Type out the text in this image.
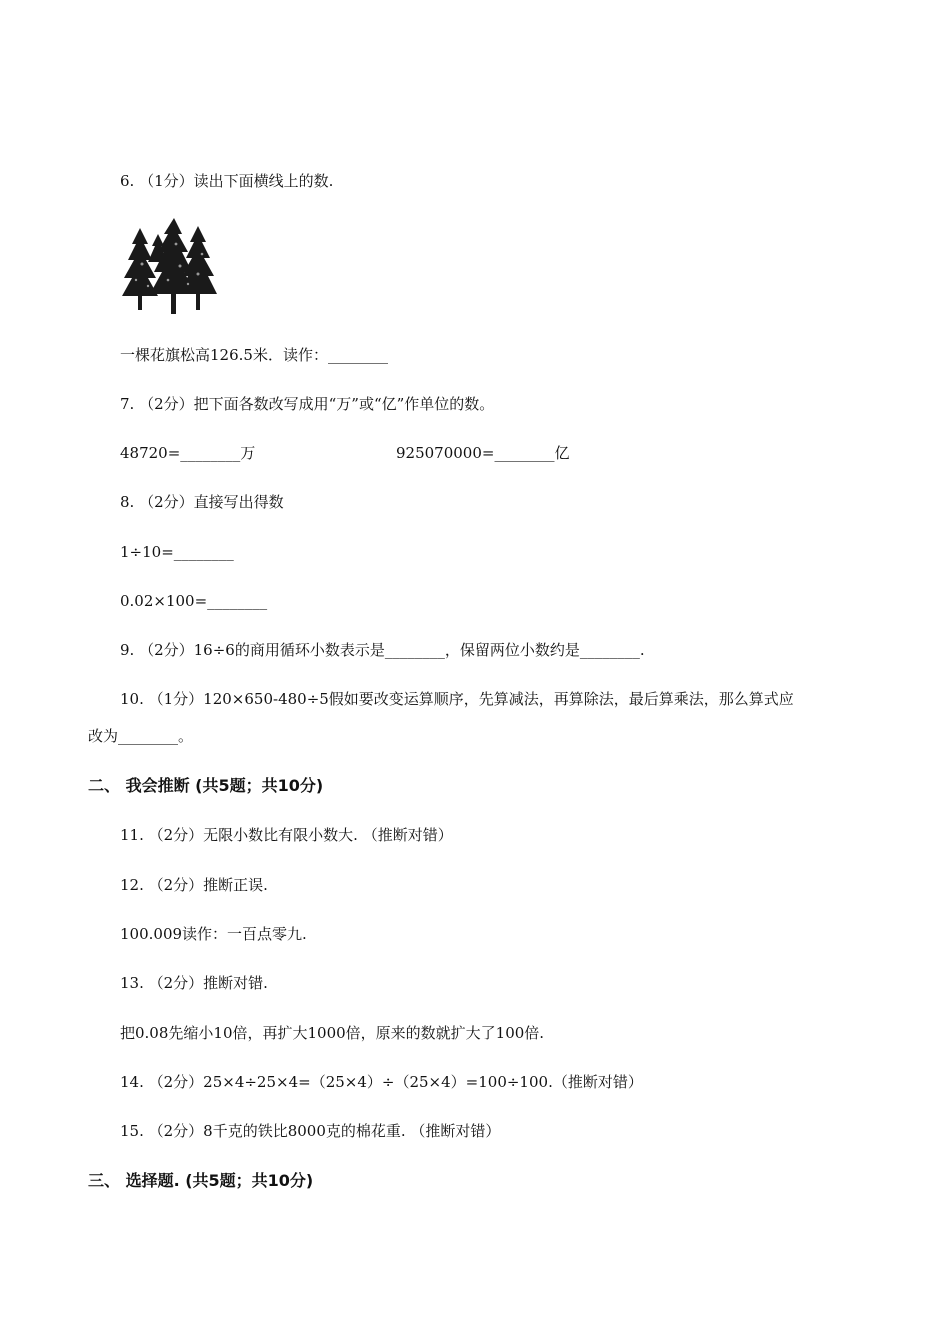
6. （1分）读出下面横线上的数.
一棵花旗松高126.5米．读作：________
7. （2分）把下面各数改写成用“万”或“亿”作单位的数。
48720=________万	925070000=________亿
8. （2分）直接写出得数
1÷10=________
0.02×100=________
9. （2分）16÷6的商用循环小数表示是________，保留两位小数约是________.
10. （1分）120×650-480÷5假如要改变运算顺序，先算减法，再算除法，最后算乘法，那么算式应
改为________。
二、 我会推断 (共5题；共10分)
11. （2分）无限小数比有限小数大. （推断对错）
12. （2分）推断正误.
100.009读作：一百点零九.
13. （2分）推断对错.
把0.08先缩小10倍，再扩大1000倍，原来的数就扩大了100倍.
14. （2分）25×4÷25×4=（25×4）÷（25×4）=100÷100.（推断对错）
15. （2分）8千克的铁比8000克的棉花重. （推断对错）
三、 选择题. (共5题；共10分)
